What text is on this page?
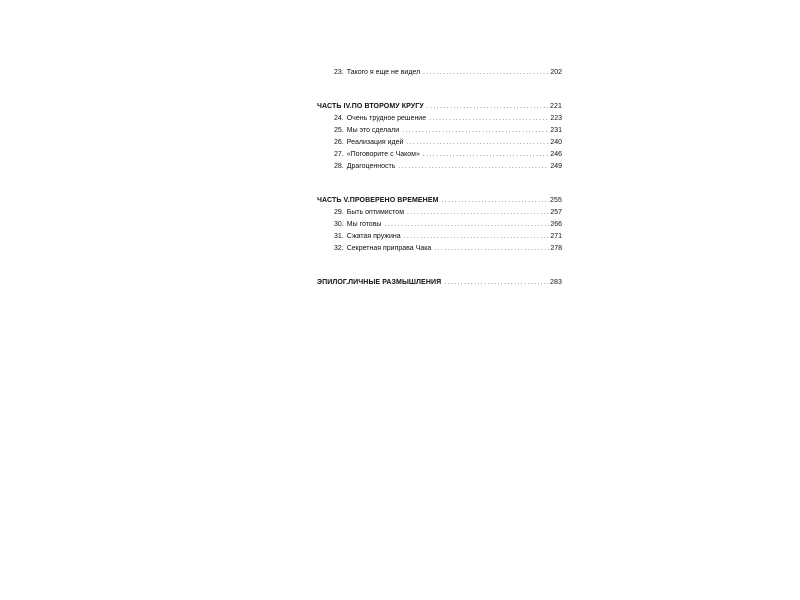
23. Такого я еще не видел . . .	202
ЧАСТЬ IV. ПО ВТОРОМУ КРУГУ . . .	221
24. Очень трудное решение . . .	223
25. Мы это сделали . . .	231
26. Реализация идей . . .	240
27. «Поговорите с Чаком» . . .	246
28. Драгоценность . . .	249
ЧАСТЬ V. ПРОВЕРЕНО ВРЕМЕНЕМ . . .	255
29. Быть оптимистом . . .	257
30. Мы готовы . . .	266
31. Сжатая пружина . . .	271
32. Секретная приправа Чака . . .	278
ЭПИЛОГ. ЛИЧНЫЕ РАЗМЫШЛЕНИЯ . . .	283
